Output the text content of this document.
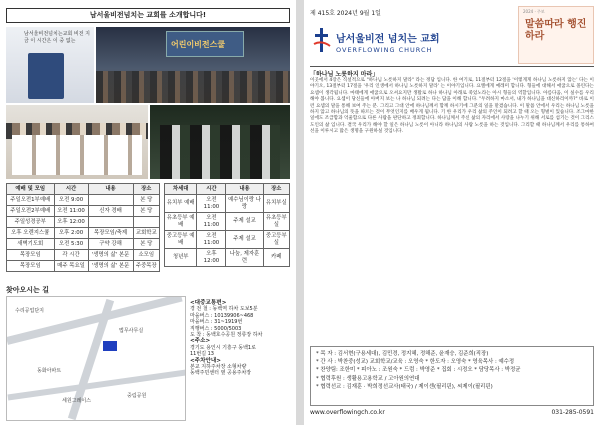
남서울비전넘치는 교회를 소개합니다!
남서울비전넘치는교회 비전 지금 이 시간은 이 중 없는	어린이비전스쿨
예배 및 모임	시간	내용	장소
주일오전1부예배	오전 9:00		본 당
주일오전2부예배	오전 11:00	신자 경배	본 당
주일성경공부	오후 12:00		
오후 오렌지스쿨	오후 2:00	목장모임/축제	교회학교
새벽기도회	오전 5:30	구약 강해	본 당
목장모임	각 시간	'생명의 삶' 본문	소모임
목장모임	매주 목요일	'생명의 삶' 본문	주중목장
차세대	시간	내용	장소
유치부 예배	오전 11:00	예수님이랑 나랑	유치부실
유초등부 예배	오전 11:00	주제 설교	유초등부실
중고등부 예배	오전 11:00	주제 설교	중고등부실
청년부	오후 12:00	나눔, 제자훈련	카페
찾아오시는 길
법무사무실
동화아파트
세원그레이스
수리공업단지
중림공원
<대중교통편>
경 전 철 : 동백역 하차 도보5분
마을버스 : 10139906~468
마을버스 : 31~1919번
직행버스 : 5000/5003
도 착 : 동백호수공원 정류장 하차
<주소>
경기도 용인시 기흥구 동백1로
11번길 13
<주차안내>
본교 지하주차장 소형차량
동백주민센터 옆 공용주차장
제 415호 2024년 9월 1일
남서울비전 넘치는 교회
OVERFLOWING CHURCH
2024 · 주보
말씀따라 행진하라
「하나님 노릇하지 마라」
이곳에서 4장은 직설적으로 "하나님 노릇하지 말라" 라는 정답 입니다. 한 여기로, 11절부터 12절을 '이렇게게 하나님 노릇하지 않는' 다는 이야기오, 13절부터 17절을 '우리 인생에서 하나님 노릇하지 말라' 는 이야기입니다. 요엘에게 예레미 합니다. 형들에 대해서 애굽으로 몰린다는 요셉이 생각됩니다. 마태에게 애굽으로 오셔요지만 생활로 하나 하나님 아래로 죽었노라는 아시 형들의 역할입니다. 아름다움, 이 실수를 우리 해야 봅니다. 요셉이 당신들에 아버지 보는 나 하나님 되려는 다는 답을 이해 합니다. "두려하지 마소서, 내가 하나님을 대신하리이까?" 바로 이런 요셉의 말을 통해 보여 주는 분. 그리고 그대 안에 하나님께서 함께 하시기에 그분의 일을 맡겼습니다. 이 말씀 안에서 우리는 하나님 노릇을 하지 않고 하나님의 뜻을 따르는 것이 무엇인지를 배우게 됩니다. 기 한 우리가 우리 삶의 주인이 되려고 할 때 오는 형벌이 있습니다. 조그마한 일에도 조급함과 억울함으로 다른 사람을 판단하고 정죄합니다. 하나님께서 주신 삶의 자리에서 사랑을 나누기 위해 서로를 섬기는 것이 그리스도인의 삶 입니다. 결국 우리가 해야 할 일은 하나님 노릇이 아니라 하나님의 사람 노릇을 하는 것입니다. 그리할 때 하나님께서 우리를 통하여 선을 이루시고 많은 생명을 구원하실 것입니다.
* 목 자 : 김서현(구용세대), 김민경, 정지혜, 정해준, 윤재승, 김준희(직장)
* 간 사 : 박찬중(성교) 교회학교/교육 : 오영숙 * 한도자 : 오영숙 * 영육목사 : 예수정
* 찬양팀: 조한미 * 피아노 : 조원숙 * 드럼 : 박영준 * 집회 : 시정오 * 담당목사 : 박정균
* 협력후원 : 생활용고용학교 / 고아원의연대
* 협력선교 : 김재훈 · 박희정선교사(태국) / 제이센(필리핀), 씨제이(필리핀)
www.overflowingch.co.kr	031-285-0591
